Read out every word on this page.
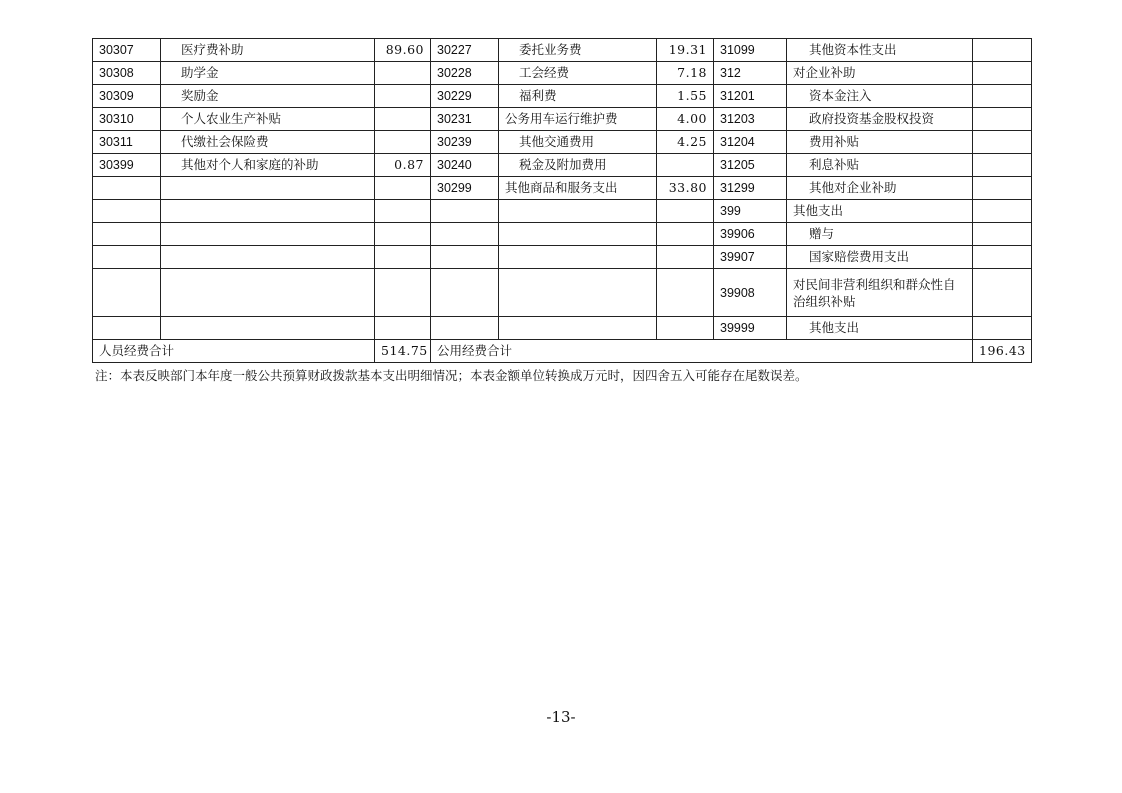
30307	医疗费补助	89.60	30227	委托业务费	19.31	31099	其他资本性支出	
30308	助学金		30228	工会经费	7.18	312	对企业补助	
30309	奖励金		30229	福利费	1.55	31201	资本金注入	
30310	个人农业生产补贴		30231	公务用车运行维护费	4.00	31203	政府投资基金股权投资	
30311	代缴社会保险费		30239	其他交通费用	4.25	31204	费用补贴	
30399	其他对个人和家庭的补助	0.87	30240	税金及附加费用		31205	利息补贴	
			30299	其他商品和服务支出	33.80	31299	其他对企业补助	
						399	其他支出	
						39906	赠与	
						39907	国家赔偿费用支出	
						39908	对民间非营利组织和群众性自治组织补贴	
						39999	其他支出	
人员经费合计		514.75	公用经费合计					196.43
注：本表反映部门本年度一般公共预算财政拨款基本支出明细情况；本表金额单位转换成万元时，因四舍五入可能存在尾数误差。
-13-
